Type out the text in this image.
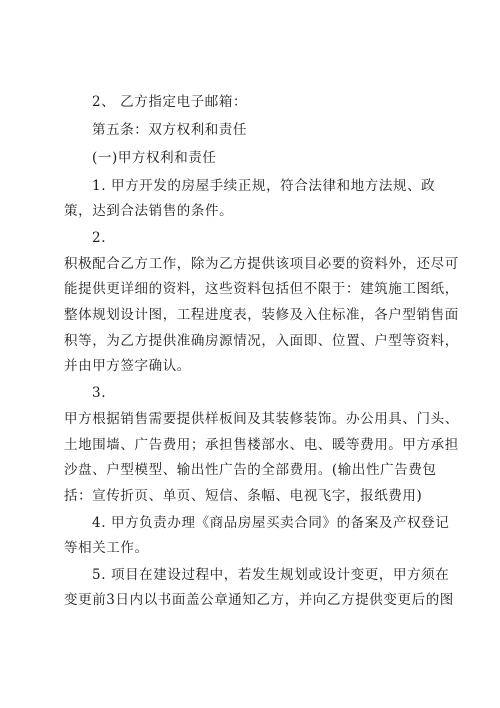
2、 乙方指定电子邮箱：
第五条：双方权利和责任
(一)甲方权利和责任
1. 甲方开发的房屋手续正规，符合法律和地方法规、政
策，达到合法销售的条件。
2.
积极配合乙方工作，除为乙方提供该项目必要的资料外，还尽可
能提供更详细的资料，这些资料包括但不限于：建筑施工图纸，
整体规划设计图，工程进度表，装修及入住标准，各户型销售面
积等，为乙方提供准确房源情况，入面即、位置、户型等资料，
并由甲方签字确认。
3.
甲方根据销售需要提供样板间及其装修装饰。办公用具、门头、
土地围墙、广告费用；承担售楼部水、电、暖等费用。甲方承担
沙盘、户型模型、输出性广告的全部费用。(输出性广告费包
括：宣传折页、单页、短信、条幅、电视飞字，报纸费用)
4. 甲方负责办理《商品房屋买卖合同》的备案及产权登记
等相关工作。
5. 项目在建设过程中，若发生规划或设计变更，甲方须在
变更前3日内以书面盖公章通知乙方，并向乙方提供变更后的图
